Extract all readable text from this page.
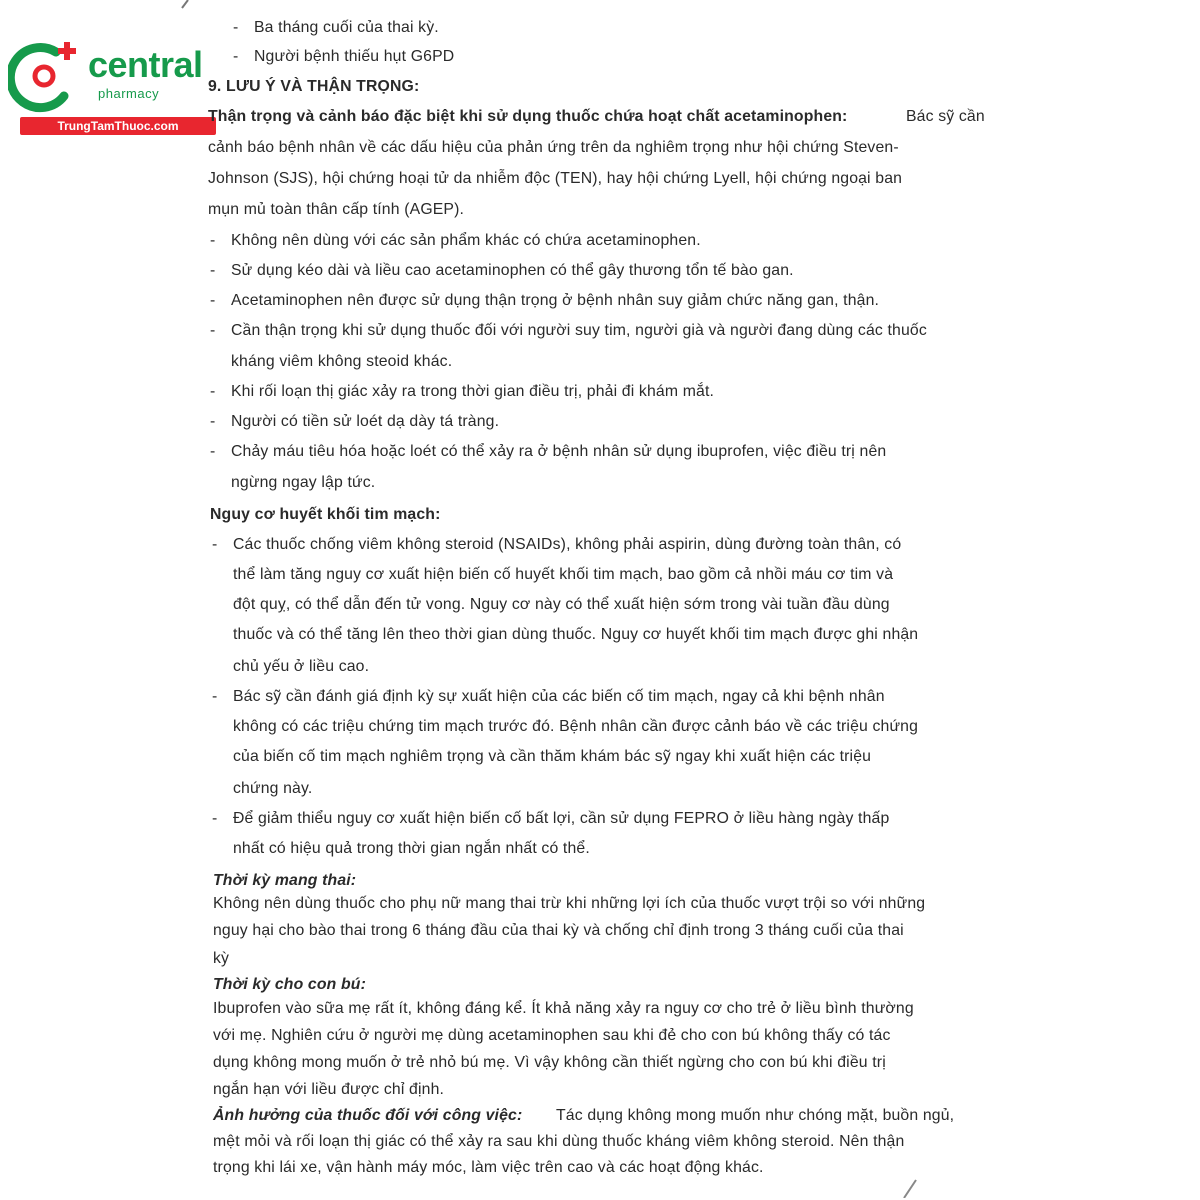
central
pharmacy
TrungTamThuoc.com
- Ba tháng cuối của thai kỳ.
- Người bệnh thiếu hụt G6PD
9. LƯU Ý VÀ THẬN TRỌNG:
Thận trọng và cảnh báo đặc biệt khi sử dụng thuốc chứa hoạt chất acetaminophen:	Bác sỹ cần
cảnh báo bệnh nhân về các dấu hiệu của phản ứng trên da nghiêm trọng như hội chứng Steven-
Johnson (SJS), hội chứng hoại tử da nhiễm độc (TEN), hay hội chứng Lyell, hội chứng ngoại ban
mụn mủ toàn thân cấp tính (AGEP).
- Không nên dùng với các sản phẩm khác có chứa acetaminophen.
- Sử dụng kéo dài và liều cao acetaminophen có thể gây thương tổn tế bào gan.
- Acetaminophen nên được sử dụng thận trọng ở bệnh nhân suy giảm chức năng gan, thận.
- Cần thận trọng khi sử dụng thuốc đối với người suy tim, người già và người đang dùng các thuốc
kháng viêm không steoid khác.
- Khi rối loạn thị giác xảy ra trong thời gian điều trị, phải đi khám mắt.
- Người có tiền sử loét dạ dày tá tràng.
- Chảy máu tiêu hóa hoặc loét có thể xảy ra ở bệnh nhân sử dụng ibuprofen, việc điều trị nên
ngừng ngay lập tức.
Nguy cơ huyết khối tim mạch:
- Các thuốc chống viêm không steroid (NSAIDs), không phải aspirin, dùng đường toàn thân, có
thể làm tăng nguy cơ xuất hiện biến cố huyết khối tim mạch, bao gồm cả nhồi máu cơ tim và
đột quỵ, có thể dẫn đến tử vong. Nguy cơ này có thể xuất hiện sớm trong vài tuần đầu dùng
thuốc và có thể tăng lên theo thời gian dùng thuốc. Nguy cơ huyết khối tim mạch được ghi nhận
chủ yếu ở liều cao.
- Bác sỹ cần đánh giá định kỳ sự xuất hiện của các biến cố tim mạch, ngay cả khi bệnh nhân
không có các triệu chứng tim mạch trước đó. Bệnh nhân cần được cảnh báo về các triệu chứng
của biến cố tim mạch nghiêm trọng và cần thăm khám bác sỹ ngay khi xuất hiện các triệu
chứng này.
- Để giảm thiểu nguy cơ xuất hiện biến cố bất lợi, cần sử dụng FEPRO ở liều hàng ngày thấp
nhất có hiệu quả trong thời gian ngắn nhất có thể.
Thời kỳ mang thai:
Không nên dùng thuốc cho phụ nữ mang thai trừ khi những lợi ích của thuốc vượt trội so với những
nguy hại cho bào thai trong 6 tháng đầu của thai kỳ và chống chỉ định trong 3 tháng cuối của thai
kỳ
Thời kỳ cho con bú:
Ibuprofen vào sữa mẹ rất ít, không đáng kể. Ít khả năng xảy ra nguy cơ cho trẻ ở liều bình thường
với mẹ. Nghiên cứu ở người mẹ dùng acetaminophen sau khi đẻ cho con bú không thấy có tác
dụng không mong muốn ở trẻ nhỏ bú mẹ. Vì vậy không cần thiết ngừng cho con bú khi điều trị
ngắn hạn với liều được chỉ định.
Ảnh hưởng của thuốc đối với công việc: Tác dụng không mong muốn như chóng mặt, buồn ngủ,
mệt mỏi và rối loạn thị giác có thể xảy ra sau khi dùng thuốc kháng viêm không steroid. Nên thận
trọng khi lái xe, vận hành máy móc, làm việc trên cao và các hoạt động khác.
